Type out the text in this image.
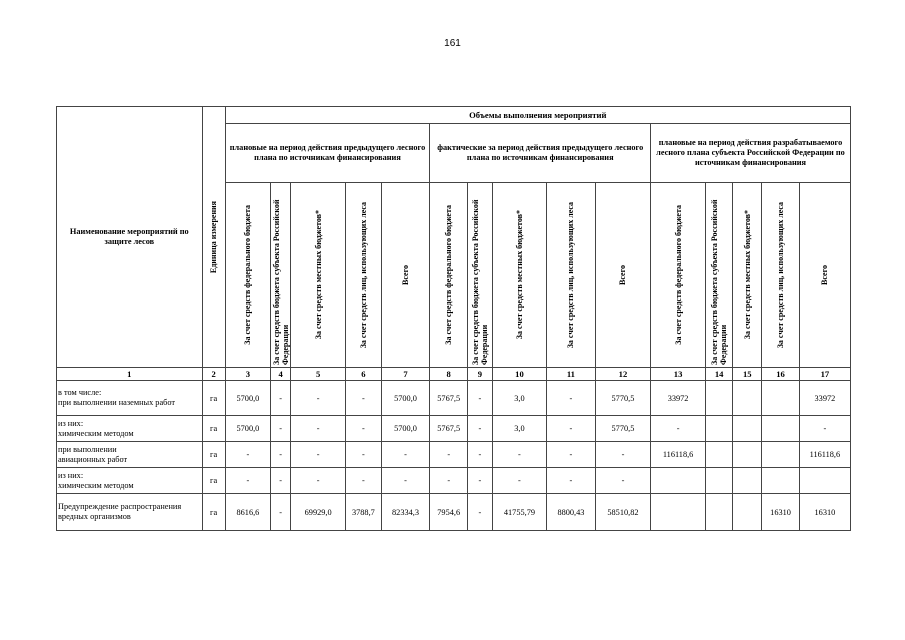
161
Наименование мероприятий по защите лесов	Единица измерения	Объемы выполнения мероприятий														
		плановые на период действия предыдущего лесного плана по источникам финансирования					фактические за период действия предыдущего лесного плана по источникам финансирования					плановые на период действия разрабатываемого лесного плана субъекта Российской Федерации по источникам финансирования				

		За счет средств федерального бюджета	За счет средств бюджета субъекта Российской Федерации	За счет средств местных бюджетов*	За счет средств лиц, использующих леса	Всего	За счет средств федерального бюджета	За счет средств бюджета субъекта Российской Федерации	За счет средств местных бюджетов*	За счет средств лиц, использующих леса	Всего	За счет средств федерального бюджета	За счет средств бюджета субъекта Российской Федерации	За счет средств местных бюджетов*	За счет средств лиц, использующих леса	Всего

1	2	3	4	5	6	7	8	9	10	11	12	13	14	15	16	17
в том числе:
при выполнении наземных работ	га	5700,0	-	-	-	5700,0	5767,5	-	3,0	-	5770,5	33972				33972
из них:
химическим методом	га	5700,0	-	-	-	5700,0	5767,5	-	3,0	-	5770,5	-				-
при выполнении
авиационных работ	га	-	-	-	-	-	-	-	-	-	-	116118,6				116118,6
из них:
химическим методом	га	-	-	-	-	-	-	-	-	-	-					
Предупреждение распространения вредных организмов	га	8616,6	-	69929,0	3788,7	82334,3	7954,6	-	41755,79	8800,43	58510,82				16310	16310
